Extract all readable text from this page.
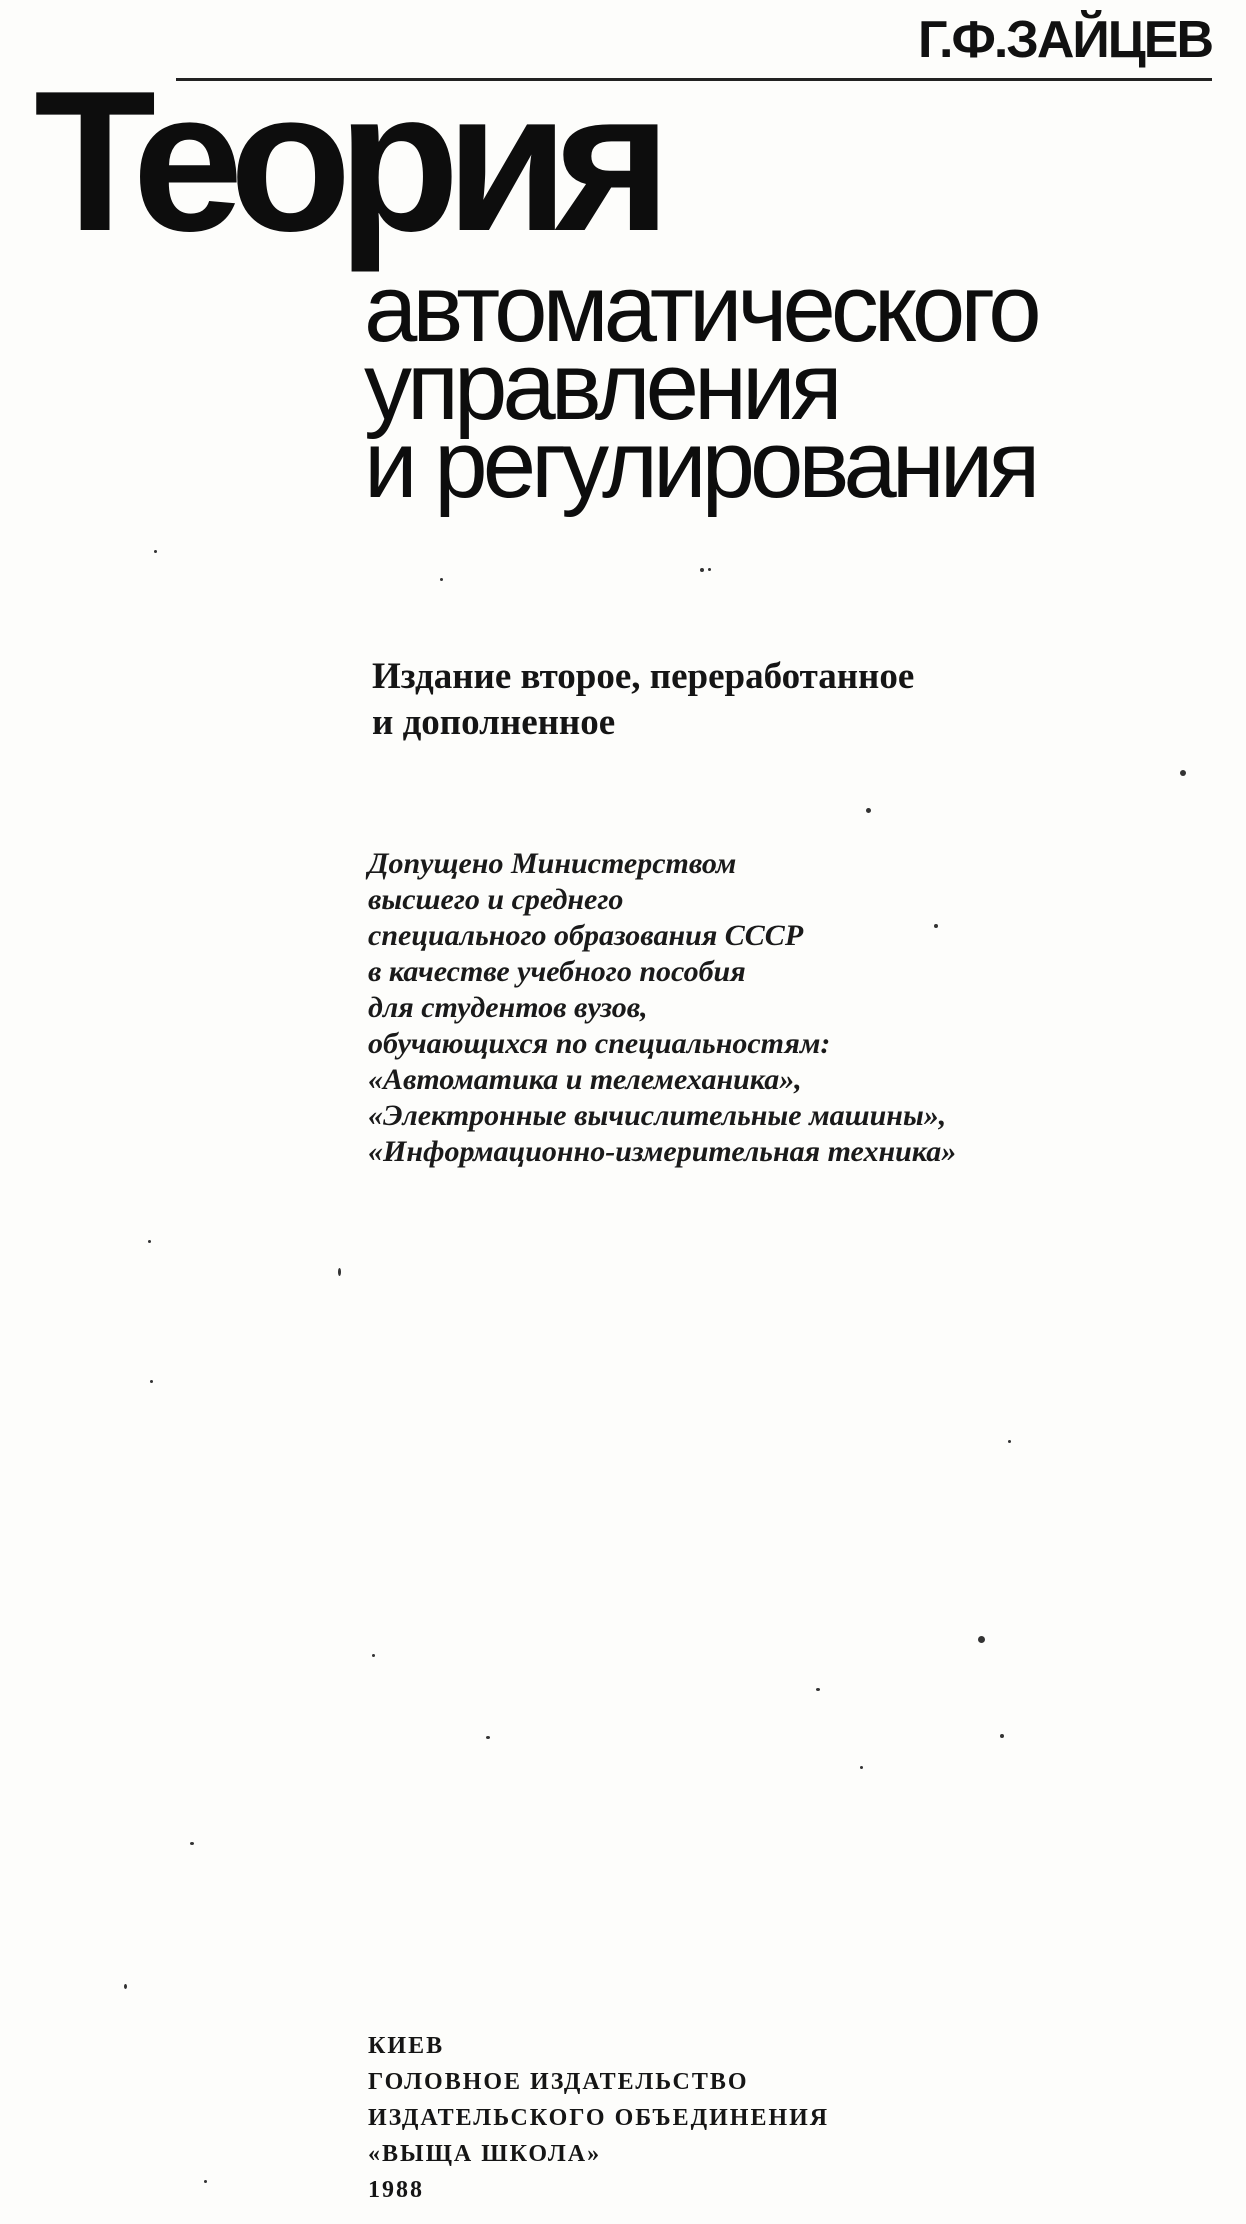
Г.Ф.ЗАЙЦЕВ
Теория
автоматического
управления
и регулирования
Издание второе, переработанное
и дополненное
Допущено Министерством
высшего и среднего
специального образования СССР
в качестве учебного пособия
для студентов вузов,
обучающихся по специальностям:
«Автоматика и телемеханика»,
«Электронные вычислительные машины»,
«Информационно-измерительная техника»
КИЕВ
ГОЛОВНОЕ ИЗДАТЕЛЬСТВО
ИЗДАТЕЛЬСКОГО ОБЪЕДИНЕНИЯ
«ВЫЩА ШКОЛА»
1988
